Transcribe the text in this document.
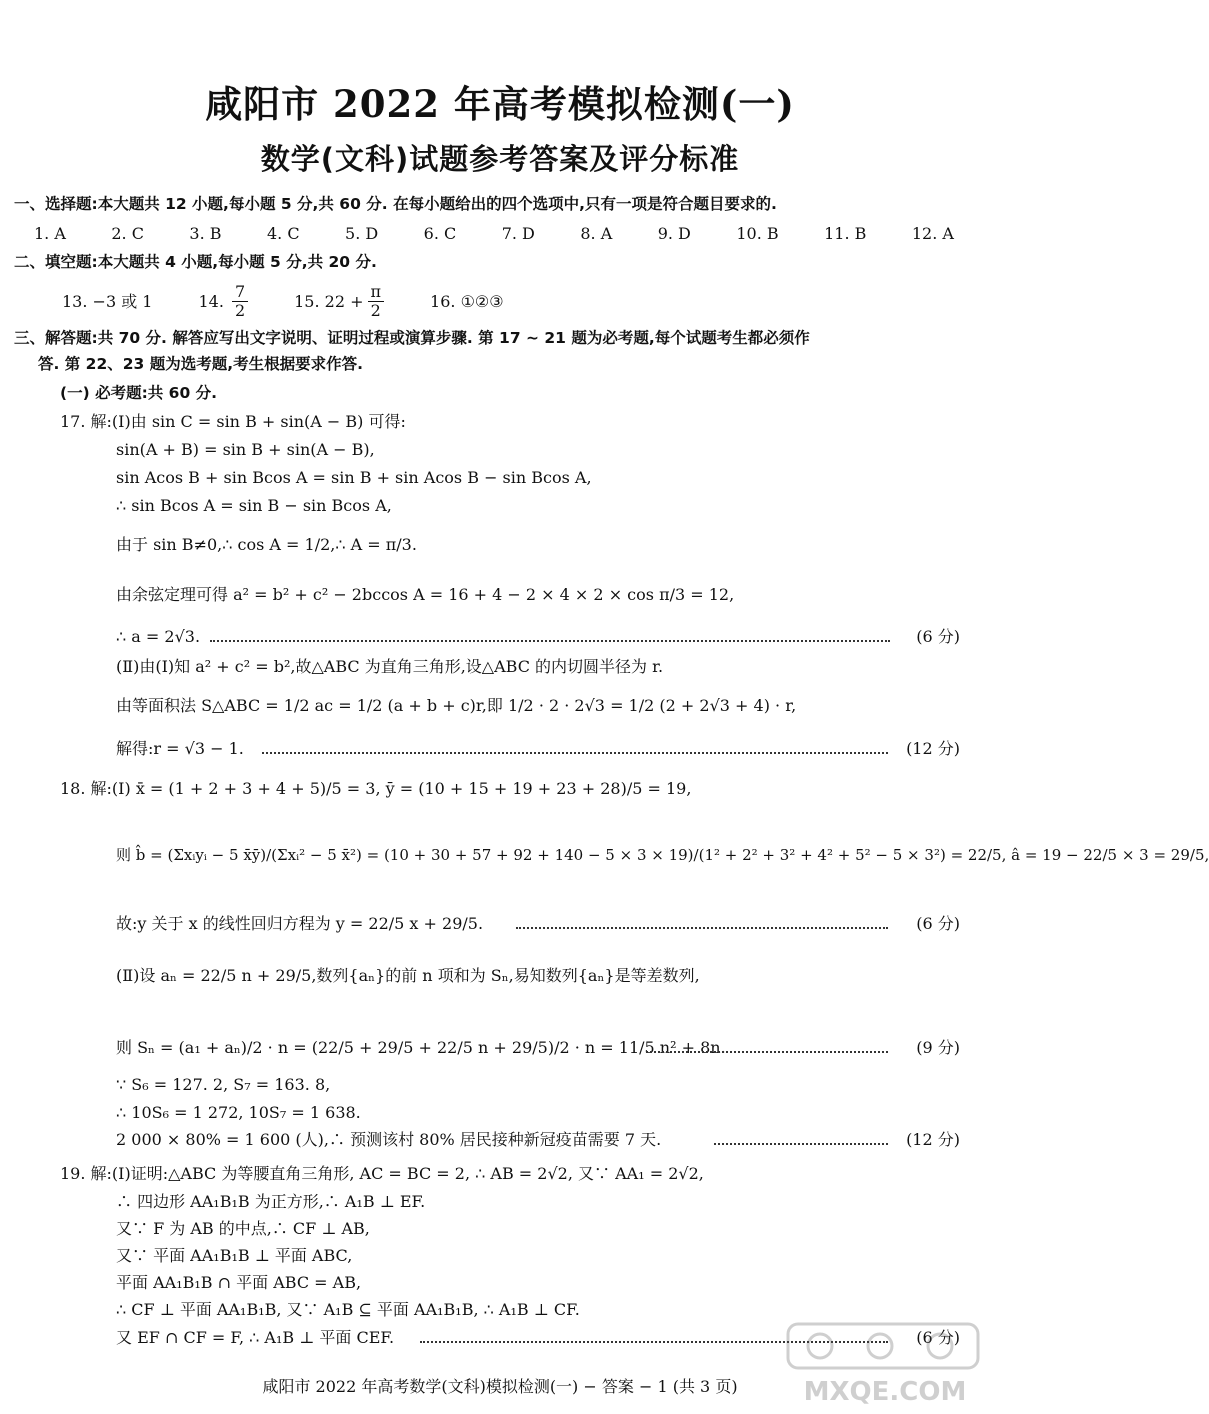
咸阳市 2022 年高考模拟检测(一)
数学(文科)试题参考答案及评分标准
一、选择题:本大题共 12 小题,每小题 5 分,共 60 分. 在每小题给出的四个选项中,只有一项是符合题目要求的.
1. A	2. C	3. B	4. C	5. D	6. C	7. D	8. A	9. D	10. B	11. B	12. A
二、填空题:本大题共 4 小题,每小题 5 分,共 20 分.
13. −3 或 1	14. 7
2	15. $22 + \frac{\pi}{2}$	16. ①②③
三、解答题:共 70 分. 解答应写出文字说明、证明过程或演算步骤. 第 17 ~ 21 题为必考题,每个试题考生都必须作
答. 第 22、23 题为选考题,考生根据要求作答.
(一) 必考题:共 60 分.
17. 解:(Ⅰ)由 sin C = sin B + sin(A − B) 可得:
sin(A + B) = sin B + sin(A − B),
sin Acos B + sin Bcos A = sin B + sin Acos B − sin Bcos A,
∴ sin Bcos A = sin B − sin Bcos A,
由于 sin B≠0,∴ cos A = 1/2,∴ A = π/3.
由余弦定理可得 a² = b² + c² − 2bccos A = 16 + 4 − 2 × 4 × 2 × cos π/3 = 12,
∴ a = 2√3.	(6 分)
(Ⅱ)由(Ⅰ)知 a² + c² = b²,故△ABC 为直角三角形,设△ABC 的内切圆半径为 r.
由等面积法 S△ABC = 1/2 ac = 1/2 (a + b + c)r,即 1/2 · 2 · 2√3 = 1/2 (2 + 2√3 + 4) · r,
解得:r = √3 − 1.	(12 分)
18. 解:(Ⅰ) x̄ = (1 + 2 + 3 + 4 + 5)/5 = 3, ȳ = (10 + 15 + 19 + 23 + 28)/5 = 19,
则 b̂ = (Σxᵢyᵢ − 5 x̄ȳ)/(Σxᵢ² − 5 x̄²) = (10 + 30 + 57 + 92 + 140 − 5 × 3 × 19)/(1² + 2² + 3² + 4² + 5² − 5 × 3²) = 22/5, â = 19 − 22/5 × 3 = 29/5,
故:y 关于 x 的线性回归方程为 y = 22/5 x + 29/5.	(6 分)
(Ⅱ)设 aₙ = 22/5 n + 29/5,数列{aₙ}的前 n 项和为 Sₙ,易知数列{aₙ}是等差数列,
则 Sₙ = (a₁ + aₙ)/2 · n = (22/5 + 29/5 + 22/5 n + 29/5)/2 · n = 11/5 n² + 8n.	(9 分)
∵ S₆ = 127. 2, S₇ = 163. 8,
∴ 10S₆ = 1 272, 10S₇ = 1 638.
2 000 × 80% = 1 600 (人),∴ 预测该村 80% 居民接种新冠疫苗需要 7 天.	(12 分)
19. 解:(Ⅰ)证明:△ABC 为等腰直角三角形, AC = BC = 2, ∴ AB = 2√2, 又∵ AA₁ = 2√2,
∴ 四边形 AA₁B₁B 为正方形,∴ A₁B ⊥ EF.
又∵ F 为 AB 的中点,∴ CF ⊥ AB,
又∵ 平面 AA₁B₁B ⊥ 平面 ABC,
平面 AA₁B₁B ∩ 平面 ABC = AB,
∴ CF ⊥ 平面 AA₁B₁B, 又∵ A₁B ⊆ 平面 AA₁B₁B, ∴ A₁B ⊥ CF.
又 EF ∩ CF = F, ∴ A₁B ⊥ 平面 CEF.	(6 分)
咸阳市 2022 年高考数学(文科)模拟检测(一) − 答案 − 1 (共 3 页)	MXQE.COM
